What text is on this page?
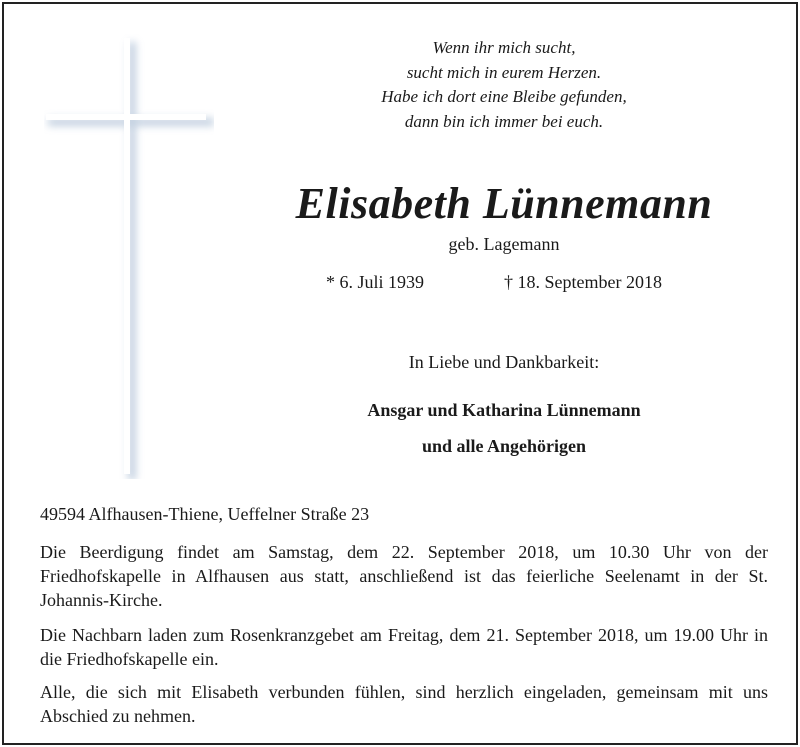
Wenn ihr mich sucht,
sucht mich in eurem Herzen.
Habe ich dort eine Bleibe gefunden,
dann bin ich immer bei euch.
Elisabeth Lünnemann
geb. Lagemann
* 6. Juli 1939	† 18. September 2018
In Liebe und Dankbarkeit:
Ansgar und Katharina Lünnemann
und alle Angehörigen
49594 Alfhausen-Thiene, Ueffelner Straße 23
Die Beerdigung findet am Samstag, dem 22. September 2018, um 10.30 Uhr von der Friedhofskapelle in Alfhausen aus statt, anschließend ist das feierliche Seelenamt in der St. Johannis-Kirche.
Die Nachbarn laden zum Rosenkranzgebet am Freitag, dem 21. September 2018, um 19.00 Uhr in die Friedhofskapelle ein.
Alle, die sich mit Elisabeth verbunden fühlen, sind herzlich eingeladen, gemeinsam mit uns Abschied zu nehmen.
